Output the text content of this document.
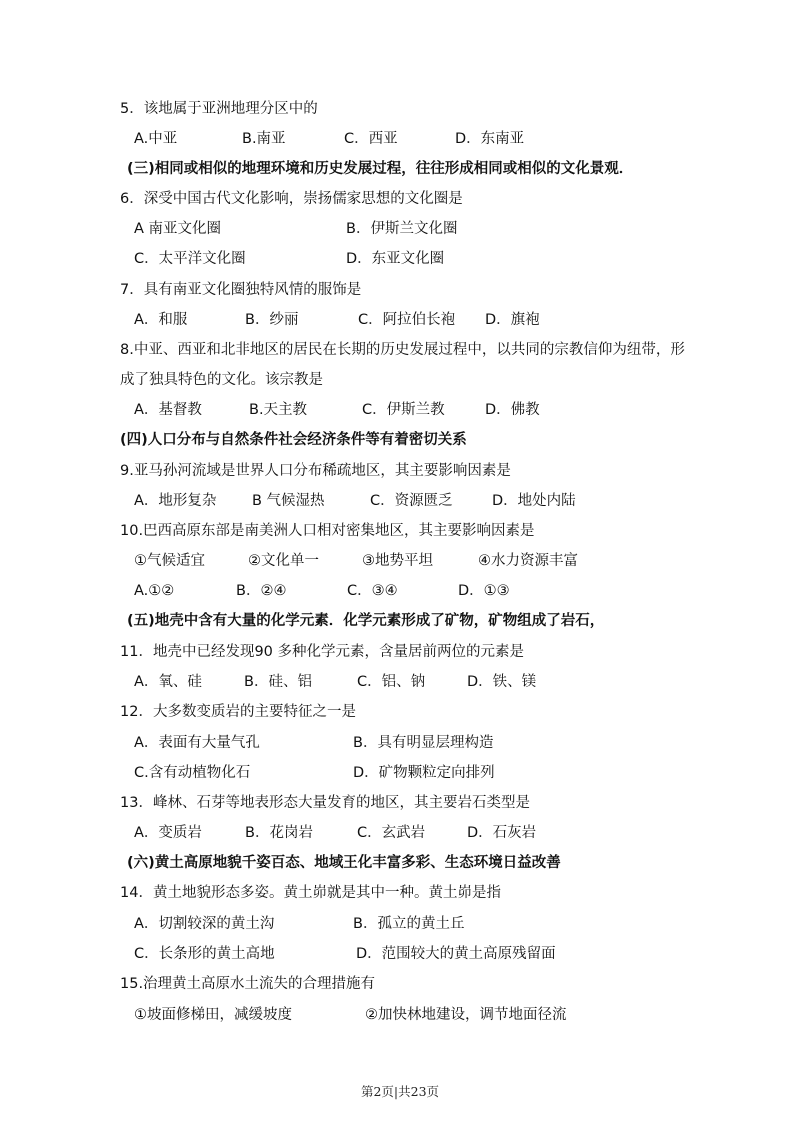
5．该地属于亚洲地理分区中的
A.中亚	B.南亚	C．西亚	D．东南亚
(三)相同或相似的地理环境和历史发展过程，往往形成相同或相似的文化景观．
6．深受中国古代文化影响，崇扬儒家思想的文化圈是
A 南亚文化圈	B．伊斯兰文化圈
C．太平洋文化圈	D．东亚文化圈
7．具有南亚文化圈独特风情的服饰是
A．和服	B．纱丽	C．阿拉伯长袍 D．旗袍
8.中亚、西亚和北非地区的居民在长期的历史发展过程中，以共同的宗教信仰为纽带，形
成了独具特色的文化。该宗教是
A．基督教	B.天主教	C．伊斯兰教	D．佛教
(四)人口分布与自然条件社会经济条件等有着密切关系
9.亚马孙河流域是世界人口分布稀疏地区，其主要影响因素是
A．地形复杂 B 气候湿热	C．资源匮乏	D．地处内陆
10.巴西高原东部是南美洲人口相对密集地区，其主要影响因素是
①气候适宜	②文化单一	③地势平坦	④水力资源丰富
A.①②	B．②④	C．③④	D．①③
(五)地壳中含有大量的化学元素．化学元素形成了矿物，矿物组成了岩石，
11．地壳中已经发现90 多种化学元素，含量居前两位的元素是
A．氧、硅	B．硅、铝	C．铝、钠	D．铁、镁
12．大多数变质岩的主要特征之一是
A．表面有大量气孔	B．具有明显层理构造
C.含有动植物化石	D．矿物颗粒定向排列
13．峰林、石芽等地表形态大量发育的地区，其主要岩石类型是
A．变质岩	B．花岗岩	C．玄武岩	D．石灰岩
(六)黄土高原地貌千姿百态、地域王化丰富多彩、生态环境日益改善
14．黄土地貌形态多姿。黄土峁就是其中一种。黄土峁是指
A．切割较深的黄土沟	B．孤立的黄土丘
C．长条形的黄土高地	D．范围较大的黄土高原残留面
15.治理黄土高原水土流失的合理措施有
①坡面修梯田，减缓坡度	②加快林地建设，调节地面径流
第2页|共23页
